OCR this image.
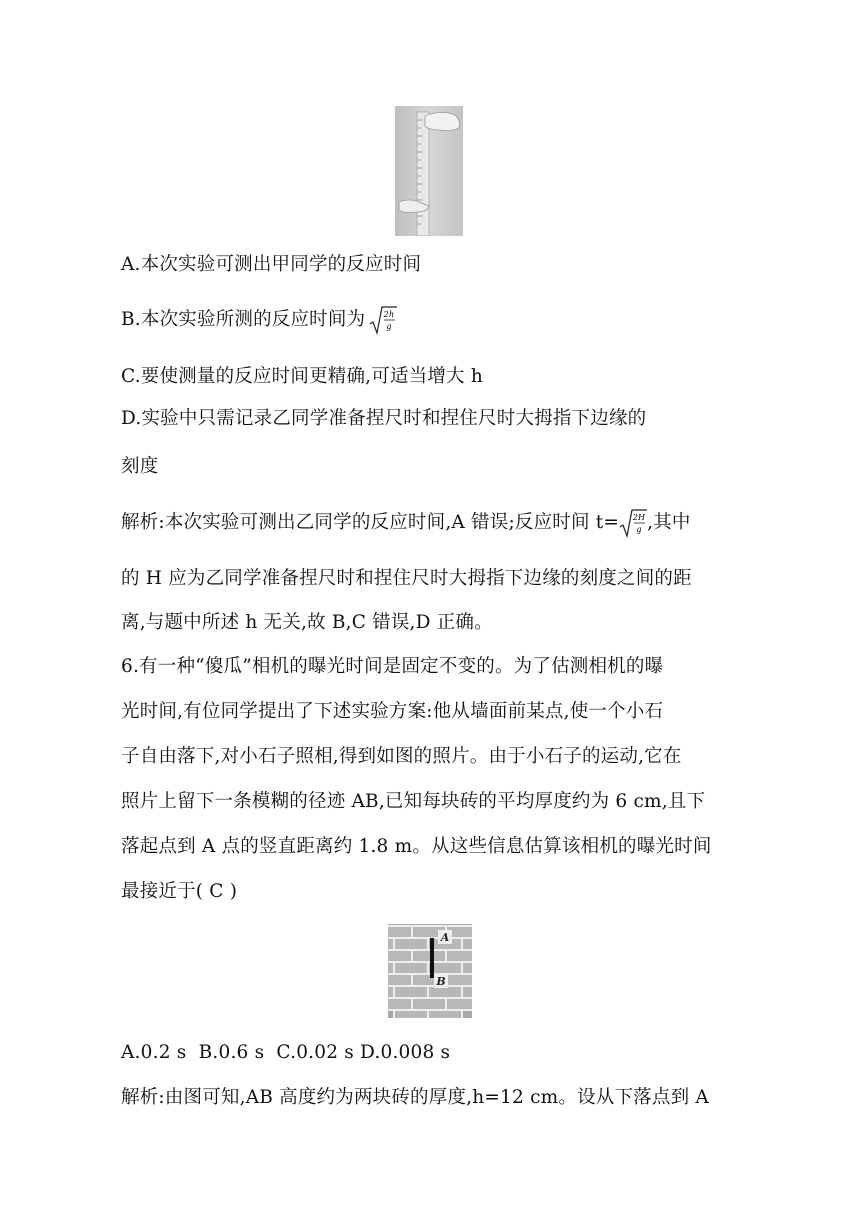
A.本次实验可测出甲同学的反应时间
B.本次实验所测的反应时间为 2h
g
C.要使测量的反应时间更精确,可适当增大 h
D.实验中只需记录乙同学准备捏尺时和捏住尺时大拇指下边缘的
刻度
解析:本次实验可测出乙同学的反应时间,A 错误;反应时间 t= 2H
g ,其中
的 H 应为乙同学准备捏尺时和捏住尺时大拇指下边缘的刻度之间的距
离,与题中所述 h 无关,故 B,C 错误,D 正确。
6.有一种“傻瓜”相机的曝光时间是固定不变的。为了估测相机的曝
光时间,有位同学提出了下述实验方案:他从墙面前某点,使一个小石
子自由落下,对小石子照相,得到如图的照片。由于小石子的运动,它在
照片上留下一条模糊的径迹 AB,已知每块砖的平均厚度约为 6 cm,且下
落起点到 A 点的竖直距离约 1.8 m。从这些信息估算该相机的曝光时间
最接近于( C )
A
B
A.0.2 s  B.0.6 s  C.0.02 s D.0.008 s
解析:由图可知,AB 高度约为两块砖的厚度,h=12 cm。设从下落点到 A
